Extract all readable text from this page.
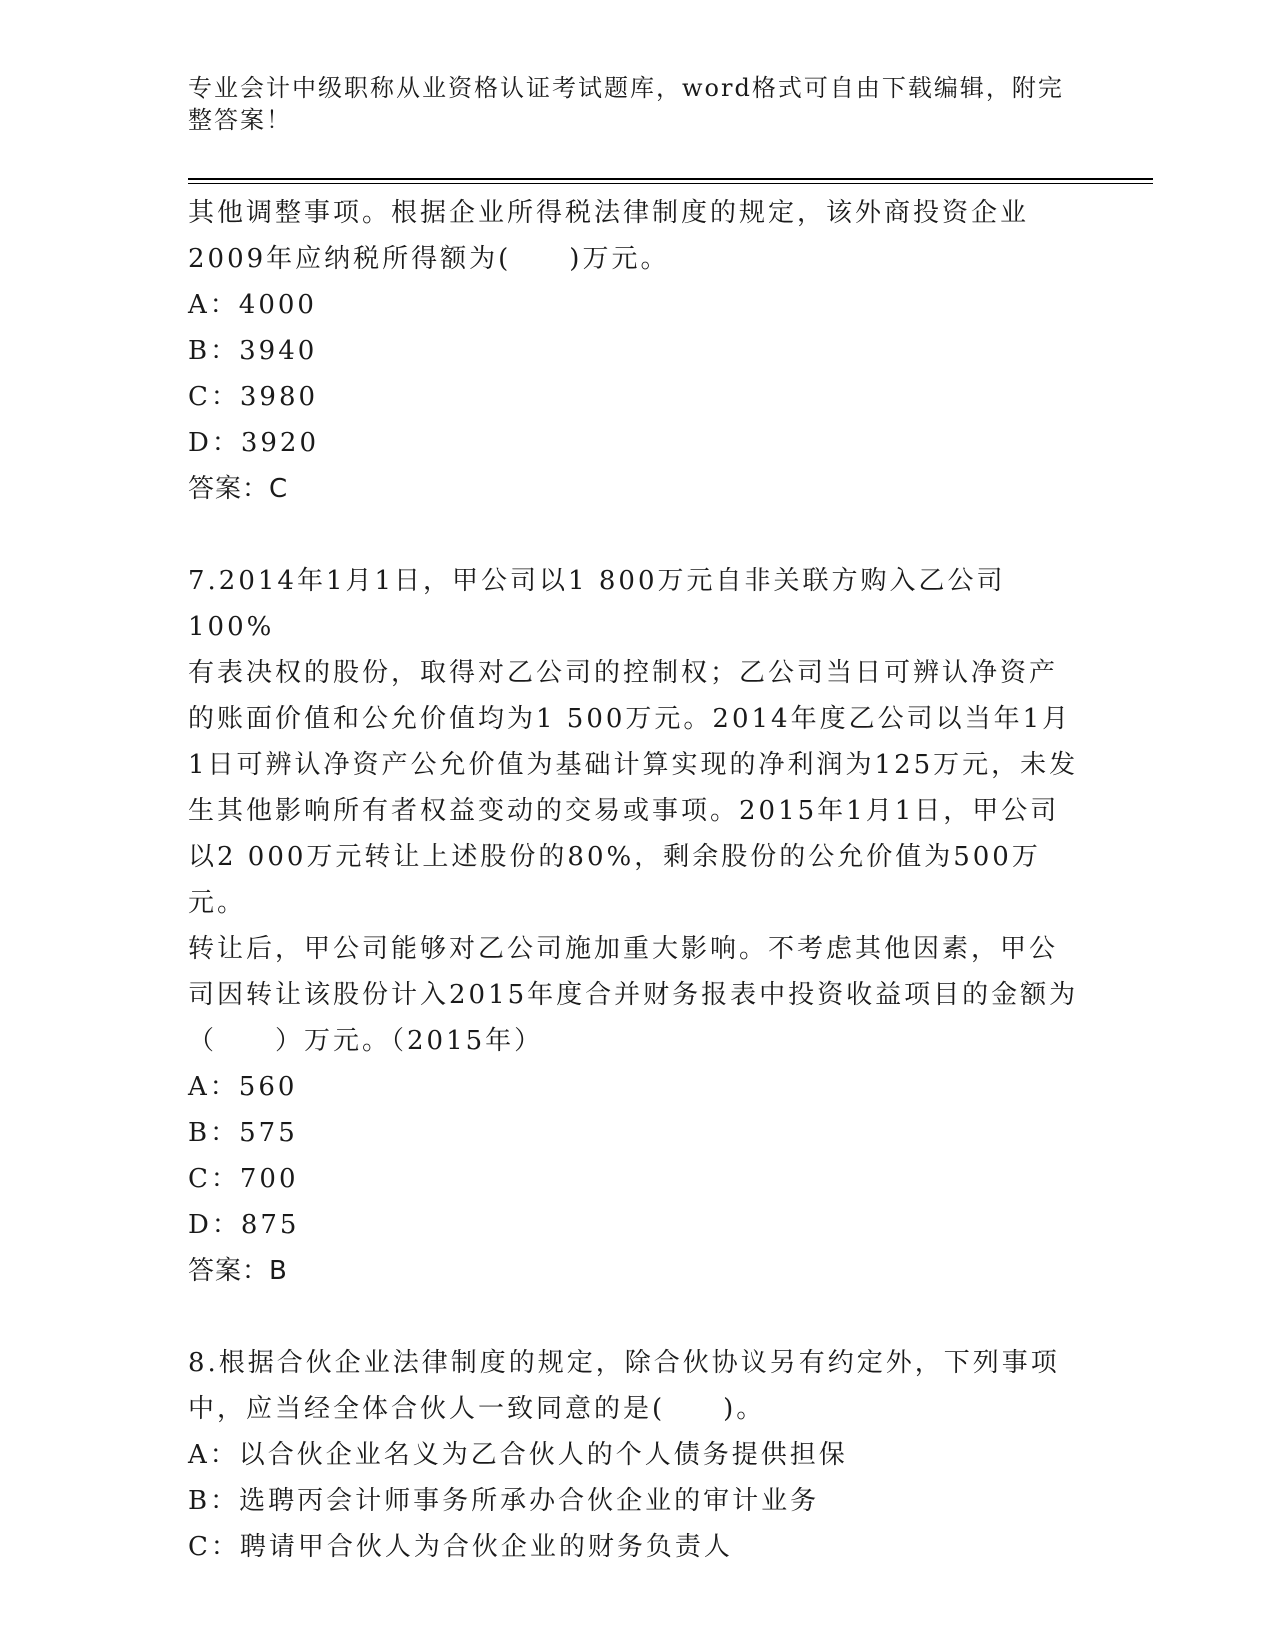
专业会计中级职称从业资格认证考试题库，word格式可自由下载编辑，附完整答案！

其他调整事项。根据企业所得税法律制度的规定，该外商投资企业

2009年应纳税所得额为(　　)万元。

A：4000

B：3940

C：3980

D：3920

答案：C

7.2014年1月1日，甲公司以1 800万元自非关联方购入乙公司100%

有表决权的股份，取得对乙公司的控制权；乙公司当日可辨认净资产

的账面价值和公允价值均为1 500万元。2014年度乙公司以当年1月

1日可辨认净资产公允价值为基础计算实现的净利润为125万元，未发

生其他影响所有者权益变动的交易或事项。2015年1月1日，甲公司

以2 000万元转让上述股份的80%，剩余股份的公允价值为500万元。

转让后，甲公司能够对乙公司施加重大影响。不考虑其他因素，甲公

司因转让该股份计入2015年度合并财务报表中投资收益项目的金额为

（　　）万元。（2015年）

A：560

B：575

C：700

D：875

答案：B

8.根据合伙企业法律制度的规定，除合伙协议另有约定外，下列事项

中，应当经全体合伙人一致同意的是(　　)。

A：以合伙企业名义为乙合伙人的个人债务提供担保

B：选聘丙会计师事务所承办合伙企业的审计业务

C：聘请甲合伙人为合伙企业的财务负责人
